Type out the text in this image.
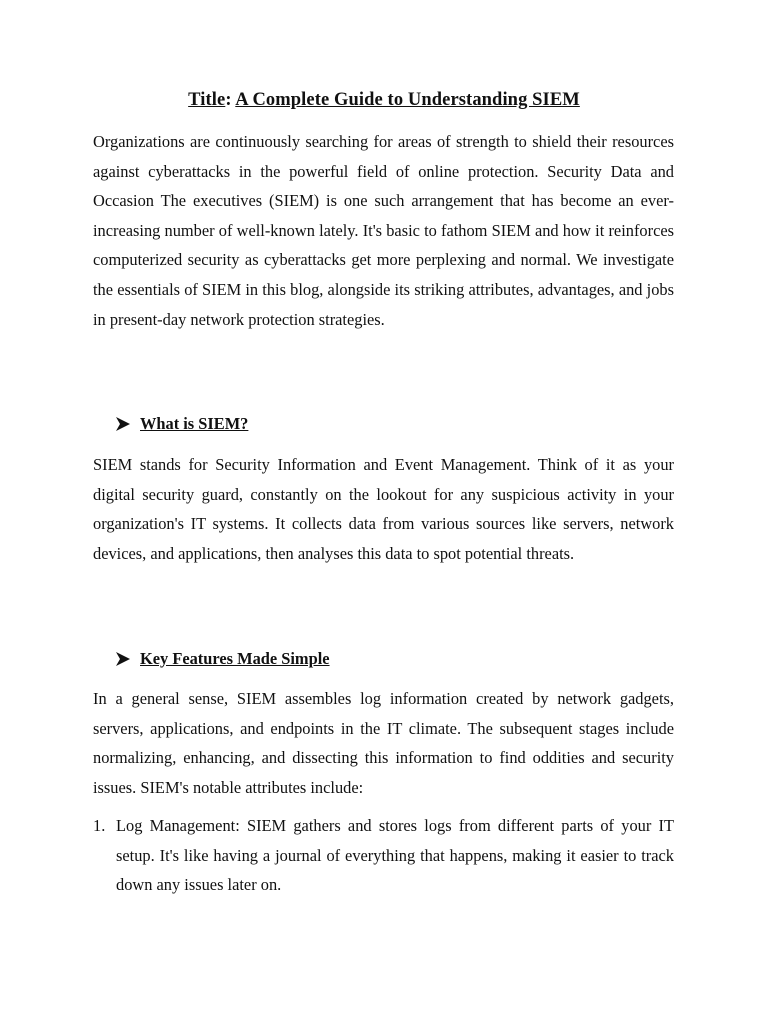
Title: A Complete Guide to Understanding SIEM

Organizations are continuously searching for areas of strength to shield their resources against cyberattacks in the powerful field of online protection. Security Data and Occasion The executives (SIEM) is one such arrangement that has become an ever-increasing number of well-known lately. It's basic to fathom SIEM and how it reinforces computerized security as cyberattacks get more perplexing and normal. We investigate the essentials of SIEM in this blog, alongside its striking attributes, advantages, and jobs in present-day network protection strategies.

What is SIEM?

SIEM stands for Security Information and Event Management. Think of it as your digital security guard, constantly on the lookout for any suspicious activity in your organization's IT systems. It collects data from various sources like servers, network devices, and applications, then analyses this data to spot potential threats.

Key Features Made Simple

In a general sense, SIEM assembles log information created by network gadgets, servers, applications, and endpoints in the IT climate. The subsequent stages include normalizing, enhancing, and dissecting this information to find oddities and security issues. SIEM's notable attributes include:

1. Log Management: SIEM gathers and stores logs from different parts of your IT setup. It's like having a journal of everything that happens, making it easier to track down any issues later on.
